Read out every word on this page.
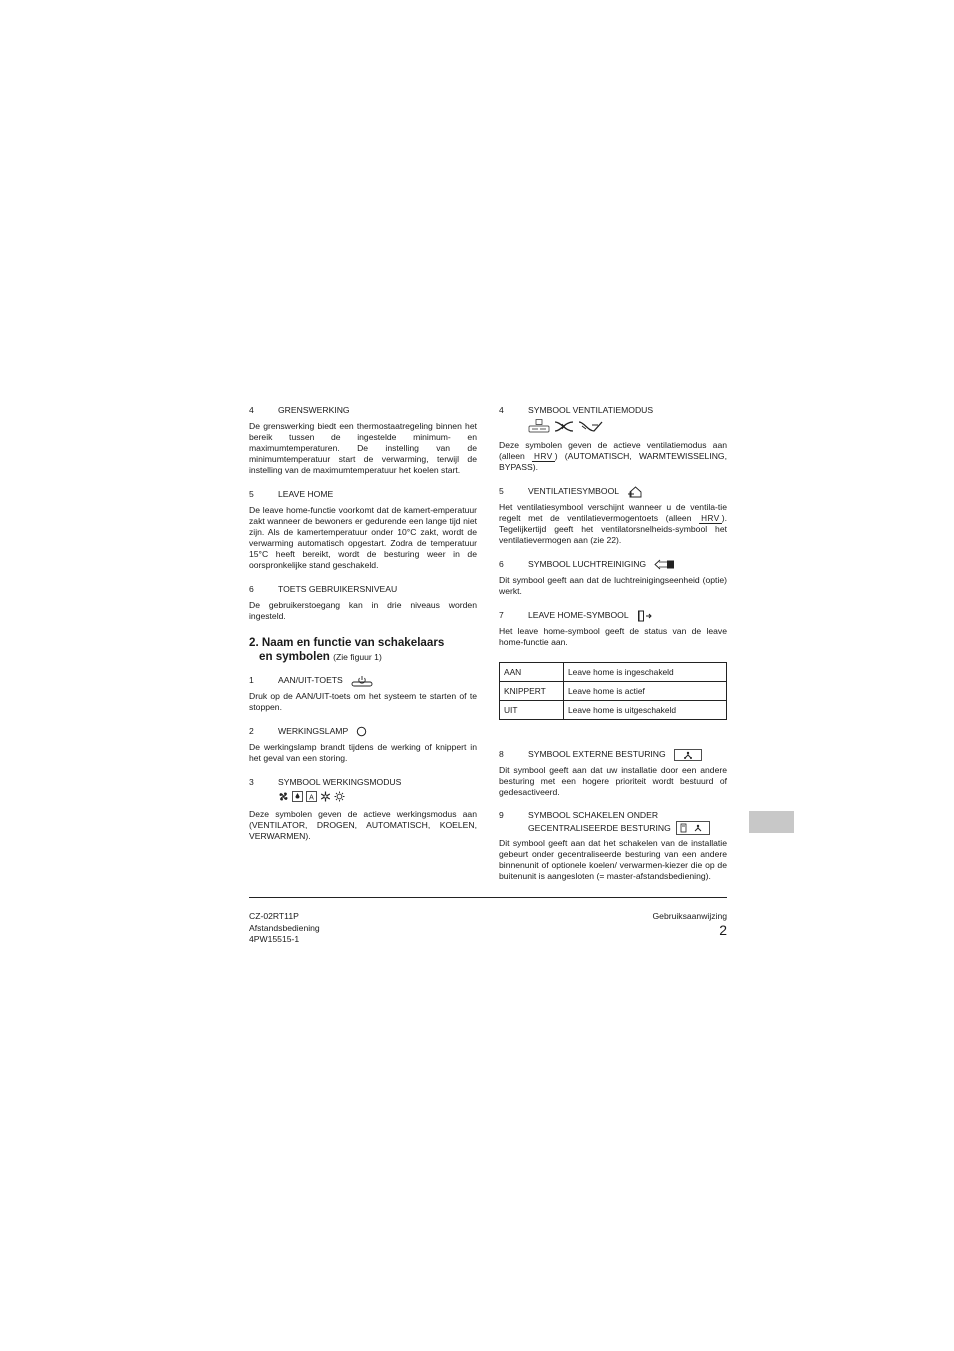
4	GRENSWERKING

De grenswerking biedt een thermostaatregeling binnen het bereik tussen de ingestelde minimum- en maximumtemperaturen. De instelling van de minimumtemperatuur start de verwarming, terwijl de instelling van de maximumtemperatuur het koelen start.

5	LEAVE HOME

De leave home-functie voorkomt dat de kamert-emperatuur zakt wanneer de bewoners er gedurende een lange tijd niet zijn. Als de kamertemperatuur onder 10°C zakt, wordt de verwarming automatisch opgestart. Zodra de temperatuur 15°C heeft bereikt, wordt de besturing weer in de oorspronkelijke stand geschakeld.

6	TOETS GEBRUIKERSNIVEAU

De gebruikerstoegang kan in drie niveaus worden ingesteld.

2. Naam en functie van schakelaars
en symbolen (Zie figuur 1)
1	AAN/UIT-TOETS

Druk op de AAN/UIT-toets om het systeem te starten of te stoppen.

2	WERKINGSLAMP

De werkingslamp brandt tijdens de werking of knippert in het geval van een storing.

3	SYMBOOL WERKINGSMODUS
A

Deze symbolen geven de actieve werkingsmodus aan (VENTILATOR, DROGEN, AUTOMATISCH, KOELEN, VERWARMEN).

4	SYMBOOL VENTILATIEMODUS

Deze symbolen geven de actieve ventilatiemodus aan (alleen HRV ) (AUTOMATISCH, WARMTEWISSELING, BYPASS).

5	VENTILATIESYMBOOL

Het ventilatiesymbool verschijnt wanneer u de ventila-tie regelt met de ventilatievermogentoets (alleen HRV ). Tegelijkertijd geeft het ventilatorsnelheids-symbool het ventilatievermogen aan (zie 22).

6	SYMBOOL LUCHTREINIGING

Dit symbool geeft aan dat de luchtreinigingseenheid (optie) werkt.

7	LEAVE HOME-SYMBOOL

Het leave home-symbool geeft de status van de leave home-functie aan.

AAN	Leave home is ingeschakeld
KNIPPERT	Leave home is actief
UIT	Leave home is uitgeschakeld
8	SYMBOOL EXTERNE BESTURING

Dit symbool geeft aan dat uw installatie door een andere besturing met een hogere prioriteit wordt bestuurd of gedesactiveerd.

9	SYMBOOL SCHAKELEN ONDER
GECENTRALISEERDE BESTURING

Dit symbool geeft aan dat het schakelen van de installatie gebeurt onder gecentraliseerde besturing van een andere binnenunit of optionele koelen/ verwarmen-kiezer die op de buitenunit is aangesloten (= master-afstandsbediening).

CZ-02RT11P
Afstandsbediening
4PW15515-1
Gebruiksaanwijzing
2
